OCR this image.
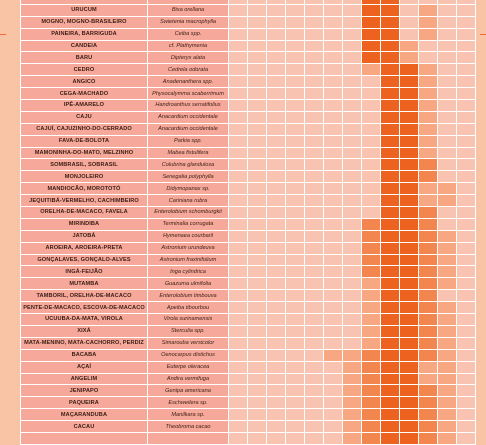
URUCUM	Bixa orellana													
MOGNO, MOGNO-BRASILEIRO	Swietenia macrophylla													
PAINEIRA, BARRIGUDA	Ceiba spp.													
CANDEIA	cf. Plathymenia													
BARU	Dipteryx alata													
CEDRO	Cedrela odorata													
ANGICO	Anadenanthera spp.													
CEGA-MACHADO	Physocalymma scaberrimum													
IPÊ-AMARELO	Handroanthus serratifolius													
CAJU	Anacardium occidentale													
CAJUÍ, CAJUZINHO-DO-CERRADO	Anacardium occidentale													
FAVA-DE-BOLOTA	Parkia spp.													
MAMONINHA-DO-MATO, MELZINHO	Mabea fistulifera													
SOMBRASIL, SOBRASIL	Colubrina glandulosa													
MONJOLEIRO	Senegalia polyphylla													
MANDIOCÃO, MOROTOTÓ	Didymopanax sp.													
JEQUITIBÁ-VERMELHO, CACHIMBEIRO	Cariniana rubra													
ORELHA-DE-MACACO, FAVELA	Enterolobium schomburgkii													
MIRINDIBA	Terminalia corrugata													
JATOBÁ	Hymenaea courbaril													
AROEIRA, AROEIRA-PRETA	Astronium urundeuva													
GONÇALAVES, GONÇALO-ALVES	Astronium fraxinifolium													
INGÁ-FEIJÃO	Inga cylindrica													
MUTAMBA	Guazuma ulmifolia													
TAMBORIL, ORELHA-DE-MACACO	Enterolobium timbouva													
PENTE-DE-MACACO, ESCOVA-DE-MACACO	Apeiba tibourbou													
UCUUBA-DA-MATA, VIROLA	Virola surinamensis													
XIXÁ	Sterculia spp.													
MATA-MENINO, MATA-CACHORRO, PERDIZ	Simarouba versicolor													
BACABA	Oenocarpus distichus													
AÇAÍ	Euterpe oleracea													
ANGELIM	Andira vermifuga													
JENIPAPO	Genipa americana													
PAQUEIRA	Eschweilera sp.													
MAÇARANDUBA	Manilkara sp.													
CACAU	Theobroma cacao													
